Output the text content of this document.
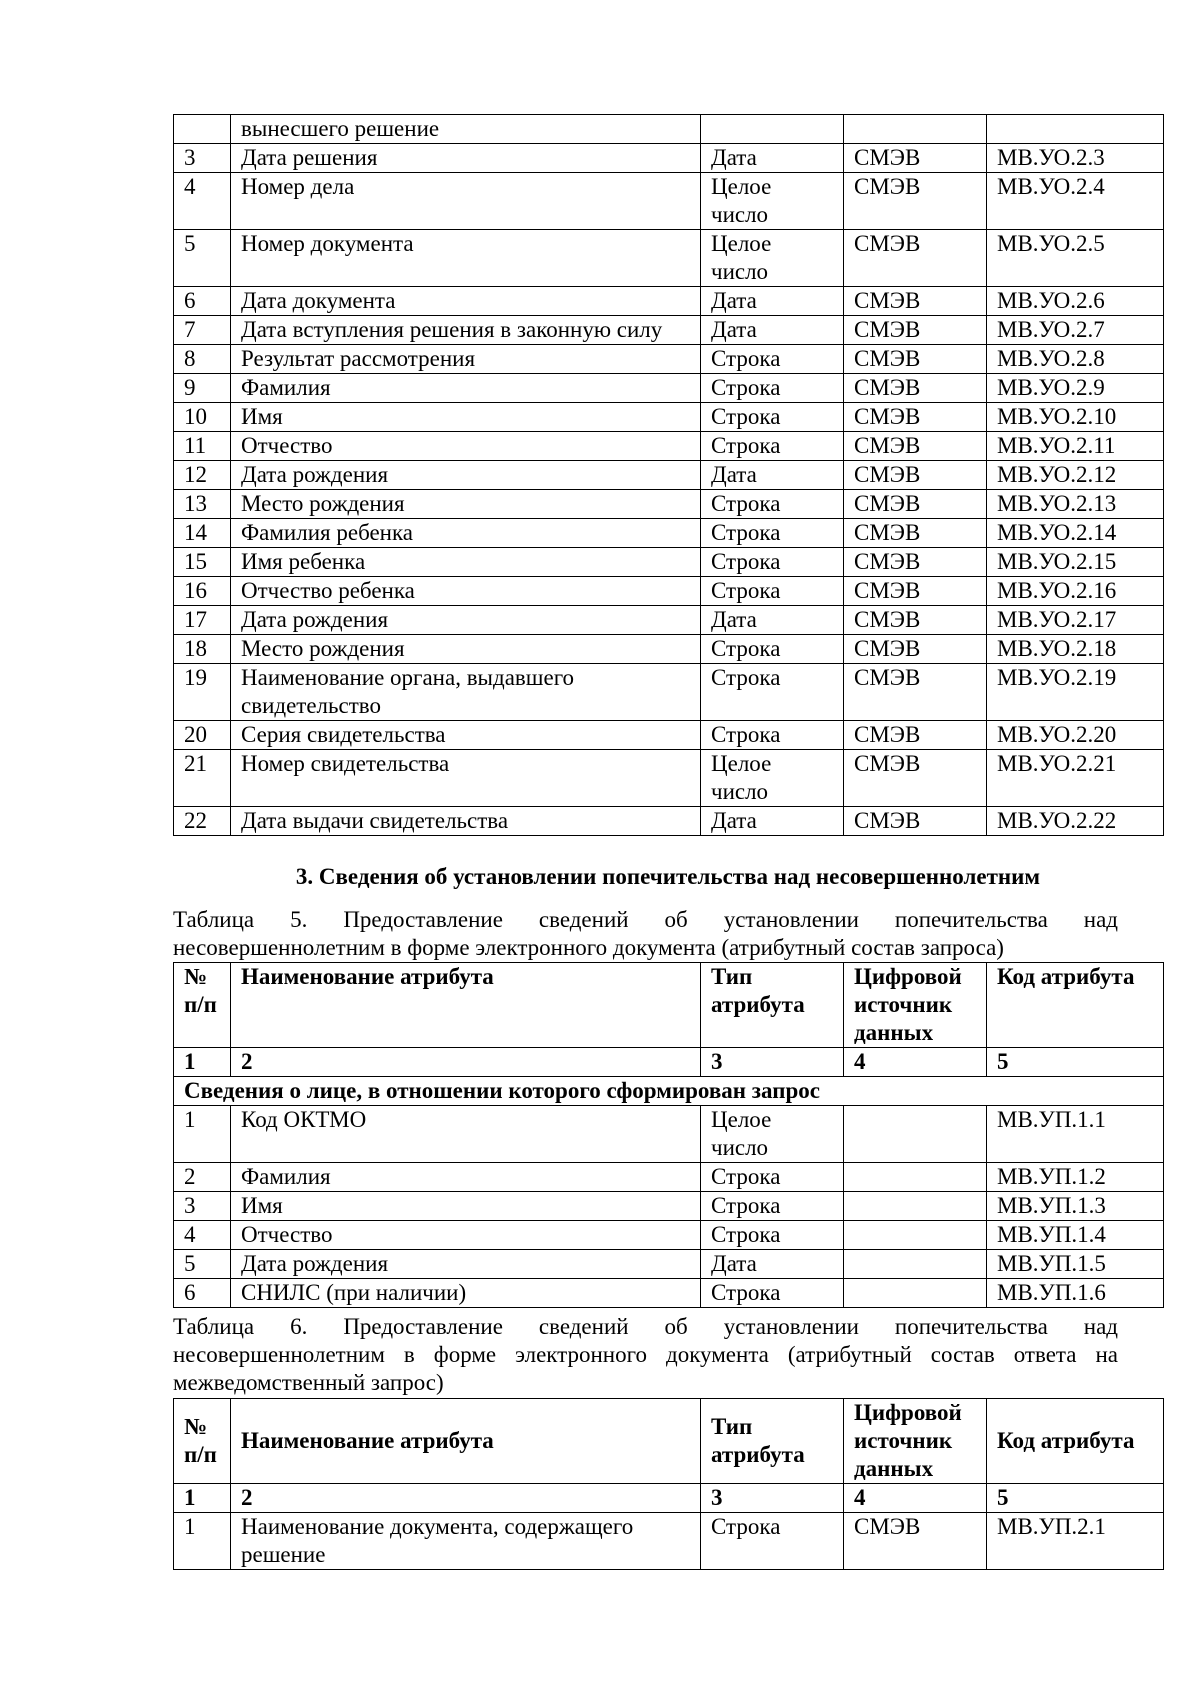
	вынесшего решение			
3	Дата решения	Дата	СМЭВ	МВ.УО.2.3
4	Номер дела	Целое число	СМЭВ	МВ.УО.2.4
5	Номер документа	Целое число	СМЭВ	МВ.УО.2.5
6	Дата документа	Дата	СМЭВ	МВ.УО.2.6
7	Дата вступления решения в законную силу	Дата	СМЭВ	МВ.УО.2.7
8	Результат рассмотрения	Строка	СМЭВ	МВ.УО.2.8
9	Фамилия	Строка	СМЭВ	МВ.УО.2.9
10	Имя	Строка	СМЭВ	МВ.УО.2.10
11	Отчество	Строка	СМЭВ	МВ.УО.2.11
12	Дата рождения	Дата	СМЭВ	МВ.УО.2.12
13	Место рождения	Строка	СМЭВ	МВ.УО.2.13
14	Фамилия ребенка	Строка	СМЭВ	МВ.УО.2.14
15	Имя ребенка	Строка	СМЭВ	МВ.УО.2.15
16	Отчество ребенка	Строка	СМЭВ	МВ.УО.2.16
17	Дата рождения	Дата	СМЭВ	МВ.УО.2.17
18	Место рождения	Строка	СМЭВ	МВ.УО.2.18
19	Наименование органа, выдавшего свидетельство	Строка	СМЭВ	МВ.УО.2.19
20	Серия свидетельства	Строка	СМЭВ	МВ.УО.2.20
21	Номер свидетельства	Целое число	СМЭВ	МВ.УО.2.21
22	Дата выдачи свидетельства	Дата	СМЭВ	МВ.УО.2.22
3. Сведения об установлении попечительства над несовершеннолетним
Таблица 5. Предоставление сведений об установлении попечительства над несовершеннолетним в форме электронного документа (атрибутный состав запроса)
№ п/п	Наименование атрибута	Тип атрибута	Цифровой источник данных	Код атрибута
1	2	3	4	5
Сведения о лице, в отношении которого сформирован запрос				
1	Код ОКТМО	Целое число		МВ.УП.1.1
2	Фамилия	Строка		МВ.УП.1.2
3	Имя	Строка		МВ.УП.1.3
4	Отчество	Строка		МВ.УП.1.4
5	Дата рождения	Дата		МВ.УП.1.5
6	СНИЛС (при наличии)	Строка		МВ.УП.1.6
Таблица 6. Предоставление сведений об установлении попечительства над несовершеннолетним в форме электронного документа (атрибутный состав ответа на межведомственный запрос)
№ п/п	Наименование атрибута	Тип атрибута	Цифровой источник данных	Код атрибута
1	2	3	4	5
1	Наименование документа, содержащего решение	Строка	СМЭВ	МВ.УП.2.1
